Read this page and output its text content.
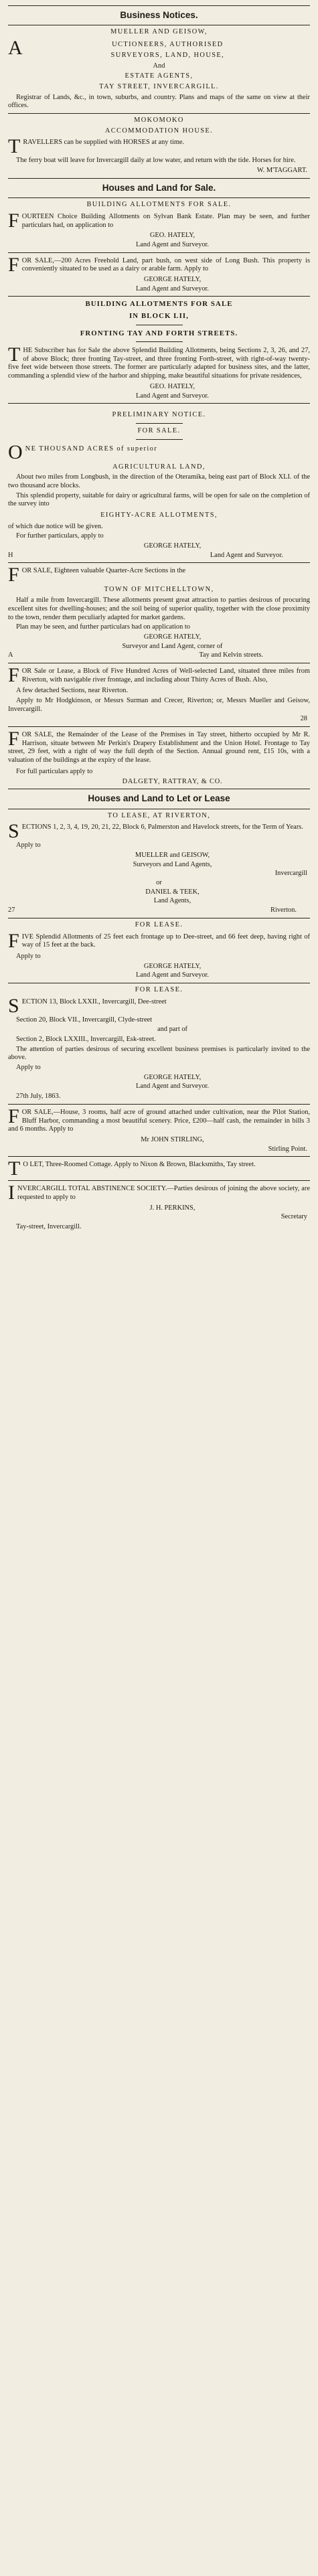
Business Notices.
MUELLER AND GEISOW,
A	UCTIONEERS, AUTHORISED
SURVEYORS, LAND, HOUSE,
And
ESTATE AGENTS,
TAY STREET, INVERCARGILL.
Registrar of Lands, &c., in town, suburbs, and country. Plans and maps of the same on view at their offices.
MOKOMOKO
ACCOMMODATION HOUSE.
T RAVELLERS can be supplied with HORSES at any time.
The ferry boat will leave for Invercargill daily at low water, and return with the tide. Horses for hire.
W. M'TAGGART.
Houses and Land for Sale.
BUILDING ALLOTMENTS FOR SALE.
F OURTEEN Choice Building Allotments on Sylvan Bank Estate. Plan may be seen, and further particulars had, on application to
GEO. HATELY,
Land Agent and Surveyor.
F OR SALE,—200 Acres Freehold Land, part bush, on west side of Long Bush. This property is conveniently situated to be used as a dairy or arable farm. Apply to
GEORGE HATELY,
Land Agent and Surveyor.
BUILDING ALLOTMENTS FOR SALE
IN BLOCK LII,
FRONTING TAY AND FORTH STREETS.
T HE Subscriber has for Sale the above Splendid Building Allotments, being Sections 2, 3, 26, and 27, of above Block; three fronting Tay-street, and three fronting Forth-street, with right-of-way twenty-five feet wide between those streets. The former are particularly adapted for business sites, and the latter, commanding a splendid view of the harbor and shipping, make beautiful situations for private residences,
GEO. HATELY,
Land Agent and Surveyor.
PRELIMINARY NOTICE.
FOR SALE.
O NE THOUSAND ACRES of superior
AGRICULTURAL LAND,
About two miles from Longbush, in the direction of the Oteramika, being east part of Block XLI. of the two thousand acre blocks.
This splendid property, suitable for dairy or agricultural farms, will be open for sale on the completion of the survey into
EIGHTY-ACRE ALLOTMENTS,
of which due notice will be given.
For further particulars, apply to
GEORGE HATELY,
H	Land Agent and Surveyor.
F OR SALE, Eighteen valuable Quarter-Acre Sections in the
TOWN OF MITCHELLTOWN,
Half a mile from Invercargill. These allotments present great attraction to parties desirous of procuring excellent sites for dwelling-houses; and the soil being of superior quality, together with the close proximity to the town, render them peculiarly adapted for market gardens.
Plan may be seen, and further particulars had on application to
GEORGE HATELY,
Surveyor and Land Agent, corner of
A	Tay and Kelvin streets.
F OR Sale or Lease, a Block of Five Hundred Acres of Well-selected Land, situated three miles from Riverton, with navigable river frontage, and including about Thirty Acres of Bush. Also,
A few detached Sections, near Riverton.
Apply to Mr Hodgkinson, or Messrs Surman and Crecer, Riverton; or, Messrs Mueller and Geisow, Invercargill.
28
F OR SALE, the Remainder of the Lease of the Premises in Tay street, hitherto occupied by Mr R. Harrison, situate between Mr Perkin's Drapery Establishment and the Union Hotel. Frontage to Tay street, 29 feet, with a right of way the full depth of the Section. Annual ground rent, £15 10s, with a valuation of the buildings at the expiry of the lease.
For full particulars apply to
DALGETY, RATTRAY, & CO.
Houses and Land to Let or Lease
TO LEASE, AT RIVERTON,
S ECTIONS 1, 2, 3, 4, 19, 20, 21, 22, Block 6, Palmerston and Havelock streets, for the Term of Years.
Apply to
MUELLER and GEISOW,
Surveyors and Land Agents,
Invercargill
or
DANIEL & TEEK,
Land Agents,
27	Riverton.
FOR LEASE.
F IVE Splendid Allotments of 25 feet each frontage up to Dee-street, and 66 feet deep, having right of way of 15 feet at the back.
Apply to
GEORGE HATELY,
Land Agent and Surveyor.
FOR LEASE.
S ECTION 13, Block LXXII., Invercargill, Dee-street
Section 20, Block VII., Invercargill, Clyde-street
and part of
Section 2, Block LXXIII., Invercargill, Esk-street.
The attention of parties desirous of securing excellent business premises is particularly invited to the above.
Apply to
GEORGE HATELY,
Land Agent and Surveyor.
27th July, 1863.
F OR SALE,—House, 3 rooms, half acre of ground attached under cultivation, near the Pilot Station, Bluff Harbor, commanding a most beautiful scenery. Price, £200—half cash, the remainder in bills 3 and 6 months. Apply to
Mr JOHN STIRLING,
Stirling Point.
T O LET, Three-Roomed Cottage. Apply to Nixon & Brown, Blacksmiths, Tay street.
I NVERCARGILL TOTAL ABSTINENCE SOCIETY.—Parties desirous of joining the above society, are requested to apply to
J. H. PERKINS,
Secretary
Tay-street, Invercargill.
